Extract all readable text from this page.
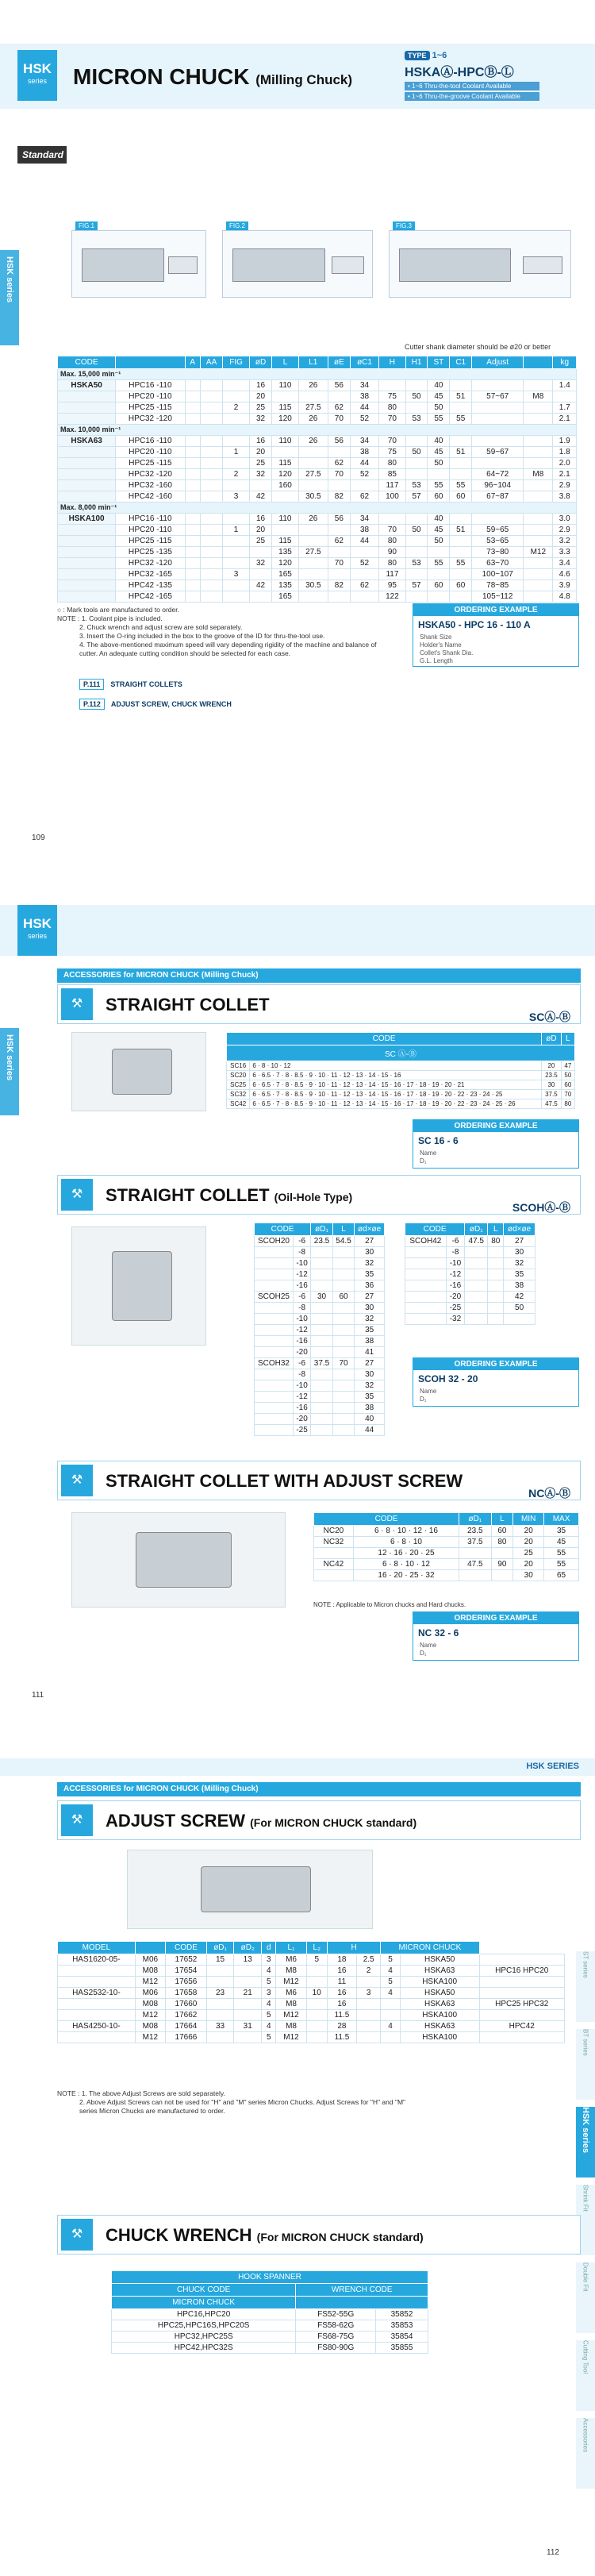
HSK
series	MICRON CHUCK (Milling Chuck)
TYPE 1~6
HSKAⒶ-HPCⒷ-Ⓛ
• 1~6 Thru-the-tool Coolant Available
• 1~6 Thru-the-groove Coolant Available
Standard
HSK series
FIG.1	FIG.2	FIG.3
Cutter shank diameter should be ø20 or better
CODE		A	AA	FIG	øD	L	L1	øE	øC1	H	H1	ST	C1	Adjust		kg
Max. 15,000 min⁻¹																
HSKA50	HPC16 -110				16	110	26	56	34			40				1.4
	HPC20 -110				20				38	75	50	45	51	57~67	M8	
	HPC25 -115			2	25	115	27.5	62	44	80		50				1.7
	HPC32 -120				32	120	26	70	52	70	53	55	55			2.1
Max. 10,000 min⁻¹																
HSKA63	HPC16 -110				16	110	26	56	34	70		40				1.9
	HPC20 -110			1	20				38	75	50	45	51	59~67		1.8
	HPC25 -115				25	115		62	44	80		50				2.0
	HPC32 -120			2	32	120	27.5	70	52	85				64~72	M8	2.1
	HPC32 -160					160				117	53	55	55	96~104		2.9
	HPC42 -160			3	42		30.5	82	62	100	57	60	60	67~87		3.8
Max. 8,000 min⁻¹																
HSKA100	HPC16 -110				16	110	26	56	34			40				3.0
	HPC20 -110			1	20				38	70	50	45	51	59~65		2.9
	HPC25 -115				25	115		62	44	80		50		53~65		3.2
	HPC25 -135					135	27.5			90				73~80	M12	3.3
	HPC32 -120				32	120		70	52	80	53	55	55	63~70		3.4
	HPC32 -165			3		165				117				100~107		4.6
	HPC42 -135				42	135	30.5	82	62	95	57	60	60	78~85		3.9
	HPC42 -165					165				122				105~112		4.8
○ : Mark tools are manufactured to order.
NOTE : 1. Coolant pipe is included.
2. Chuck wrench and adjust screw are sold separately.
3. Insert the O-ring included in the box to the groove of the ID for thru-the-tool use.
4. The above-mentioned maximum speed will vary depending rigidity of the machine and balance of cutter. An adequate cutting condition should be selected for each case.
ORDERING EXAMPLE
HSKA50 - HPC 16 - 110 A
Shank Size
Holder's Name
Collet's Shank Dia.
G.L. Length
P.111 STRAIGHT COLLETS
P.112 ADJUST SCREW, CHUCK WRENCH
109
HSK
series
HSK series
ACCESSORIES for MICRON CHUCK (Milling Chuck)
⚒	STRAIGHT COLLET
SCⒶ-Ⓑ
CODE		øD	L
SC Ⓐ-Ⓑ			
SC16	6 · 8 · 10 · 12	20	47
SC20	6 · 6.5 · 7 · 8 · 8.5 · 9 · 10 · 11 · 12 · 13 · 14 · 15 · 16	23.5	50
SC25	6 · 6.5 · 7 · 8 · 8.5 · 9 · 10 · 11 · 12 · 13 · 14 · 15 · 16 · 17 · 18 · 19 · 20 · 21	30	60
SC32	6 · 6.5 · 7 · 8 · 8.5 · 9 · 10 · 11 · 12 · 13 · 14 · 15 · 16 · 17 · 18 · 19 · 20 · 22 · 23 · 24 · 25	37.5	70
SC42	6 · 6.5 · 7 · 8 · 8.5 · 9 · 10 · 11 · 12 · 13 · 14 · 15 · 16 · 17 · 18 · 19 · 20 · 22 · 23 · 24 · 25 · 26	47.5	80
ORDERING EXAMPLE
SC 16 - 6
Name
D₁
⚒	STRAIGHT COLLET (Oil-Hole Type)
SCOHⒶ-Ⓑ
CODE		øD₁	L	ød×øe
SCOH20	-6	23.5	54.5	27
	-8			30
	-10			32
	-12			35
	-16			36
SCOH25	-6	30	60	27
	-8			30
	-10			32
	-12			35
	-16			38
	-20			41
SCOH32	-6	37.5	70	27
	-8			30
	-10			32
	-12			35
	-16			38
	-20			40
	-25			44
CODE		øD₁	L	ød×øe
SCOH42	-6	47.5	80	27
	-8			30
	-10			32
	-12			35
	-16			38
	-20			42
	-25			50
	-32			
ORDERING EXAMPLE
SCOH 32 - 20
Name
D₁
⚒	STRAIGHT COLLET WITH ADJUST SCREW
NCⒶ-Ⓑ
CODE		øD₁	L	MIN	MAX
NC20	6 · 8 · 10 · 12 · 16	23.5	60	20	35
NC32	6 · 8 · 10	37.5	80	20	45
	12 · 16 · 20 · 25			25	55
NC42	6 · 8 · 10 · 12	47.5	90	20	55
	16 · 20 · 25 · 32			30	65
NOTE : Applicable to Micron chucks and Hard chucks.
ORDERING EXAMPLE
NC 32 - 6
Name
D₁
111
HSK SERIES
ACCESSORIES for MICRON CHUCK (Milling Chuck)
ST series
BT series
HSK series
Shrink Fit
Double Fit
Cutting Tool
Accessories
⚒	ADJUST SCREW (For MICRON CHUCK standard)
MODEL		CODE	øD₁	øD₂	d	L₁	L₂	H		MICRON CHUCK		
HAS1620-05-	M06	17652	15	13	3	M6	5	18	2.5	5	HSKA50	
	M08	17654			4	M8		16	2	4	HSKA63	HPC16 HPC20
	M12	17656			5	M12		11		5	HSKA100	
HAS2532-10-	M06	17658	23	21	3	M6	10	16	3	4	HSKA50	
	M08	17660			4	M8		16			HSKA63	HPC25 HPC32
	M12	17662			5	M12		11.5			HSKA100	
HAS4250-10-	M08	17664	33	31	4	M8		28		4	HSKA63	HPC42
	M12	17666			5	M12		11.5			HSKA100	
NOTE : 1. The above Adjust Screws are sold separately.
2. Above Adjust Screws can not be used for "H" and "M" series Micron Chucks. Adjust Screws for "H" and "M"
series Micron Chucks are manufactured to order.
⚒	CHUCK WRENCH (For MICRON CHUCK standard)
HOOK SPANNER		
CHUCK CODE	WRENCH CODE	
MICRON CHUCK		
HPC16,HPC20	FS52-55G	35852
HPC25,HPC16S,HPC20S	FS58-62G	35853
HPC32,HPC25S	FS68-75G	35854
HPC42,HPC32S	FS80-90G	35855
112
